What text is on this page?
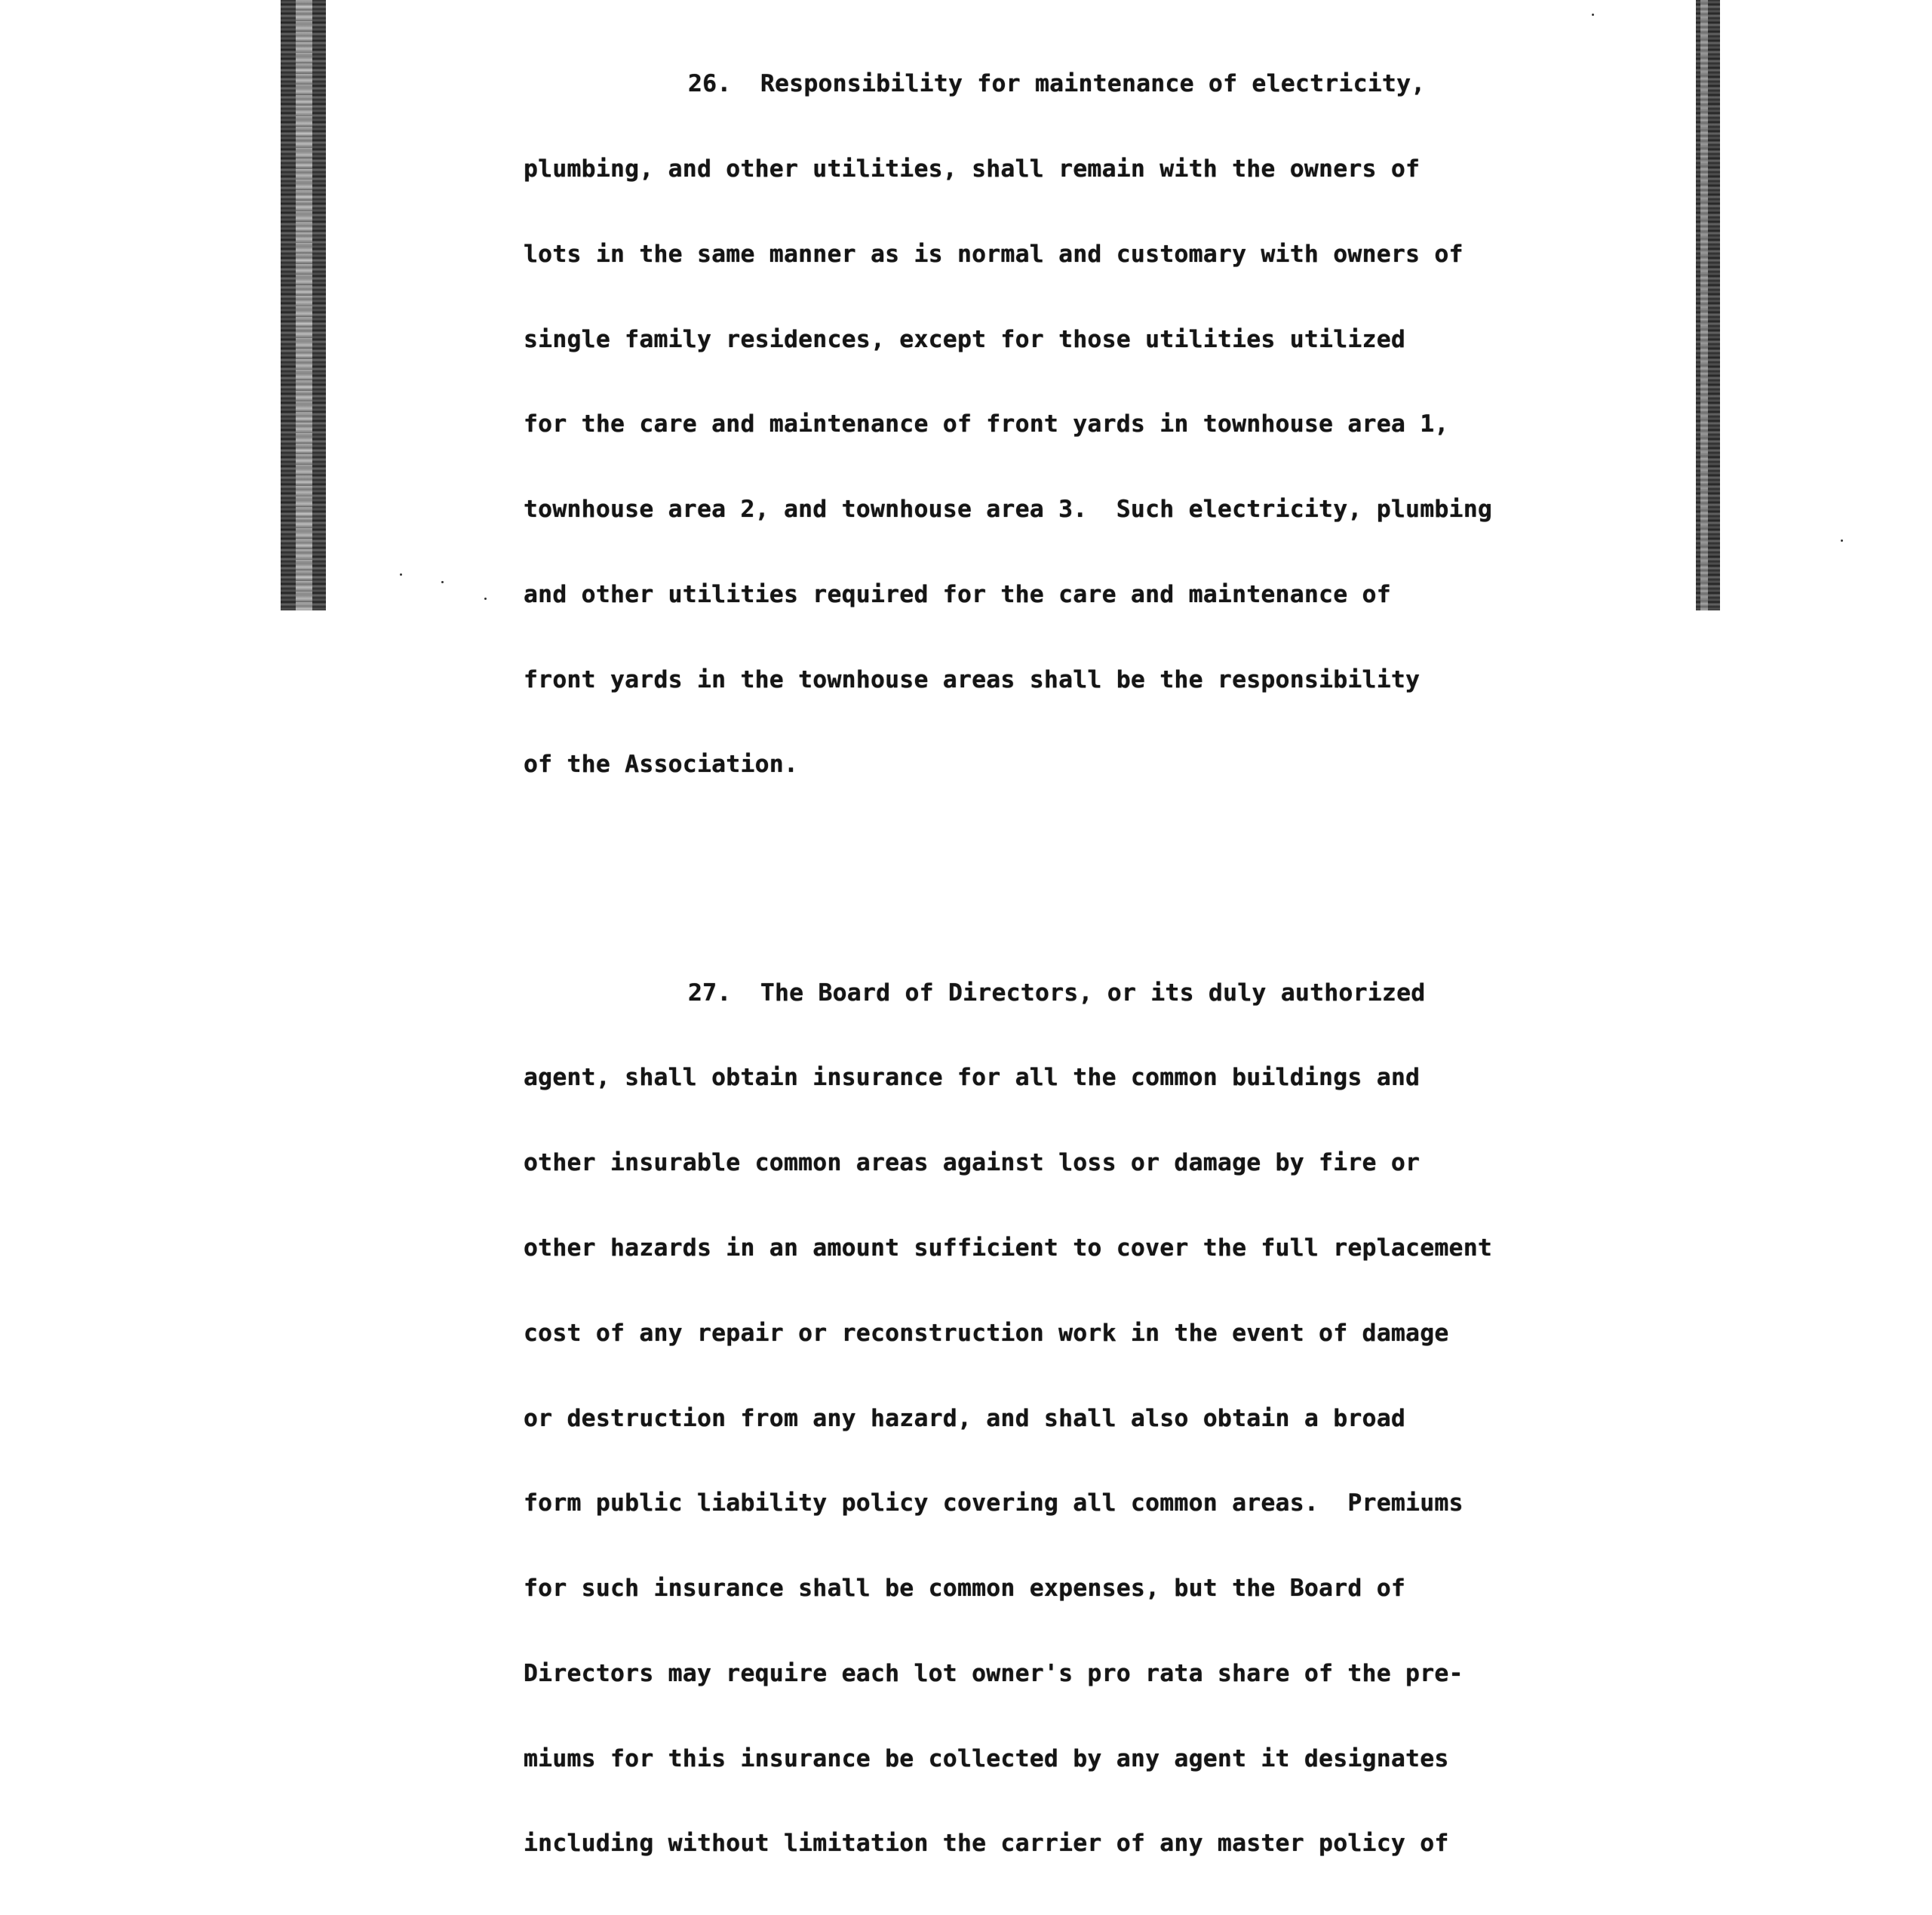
26.  Responsibility for maintenance of electricity,

plumbing, and other utilities, shall remain with the owners of

lots in the same manner as is normal and customary with owners of

single family residences, except for those utilities utilized

for the care and maintenance of front yards in townhouse area 1,

townhouse area 2, and townhouse area 3.  Such electricity, plumbing

and other utilities required for the care and maintenance of

front yards in the townhouse areas shall be the responsibility

of the Association.

27.  The Board of Directors, or its duly authorized

agent, shall obtain insurance for all the common buildings and

other insurable common areas against loss or damage by fire or

other hazards in an amount sufficient to cover the full replacement

cost of any repair or reconstruction work in the event of damage

or destruction from any hazard, and shall also obtain a broad

form public liability policy covering all common areas.  Premiums

for such insurance shall be common expenses, but the Board of

Directors may require each lot owner's pro rata share of the pre-

miums for this insurance be collected by any agent it designates

including without limitation the carrier of any master policy of
